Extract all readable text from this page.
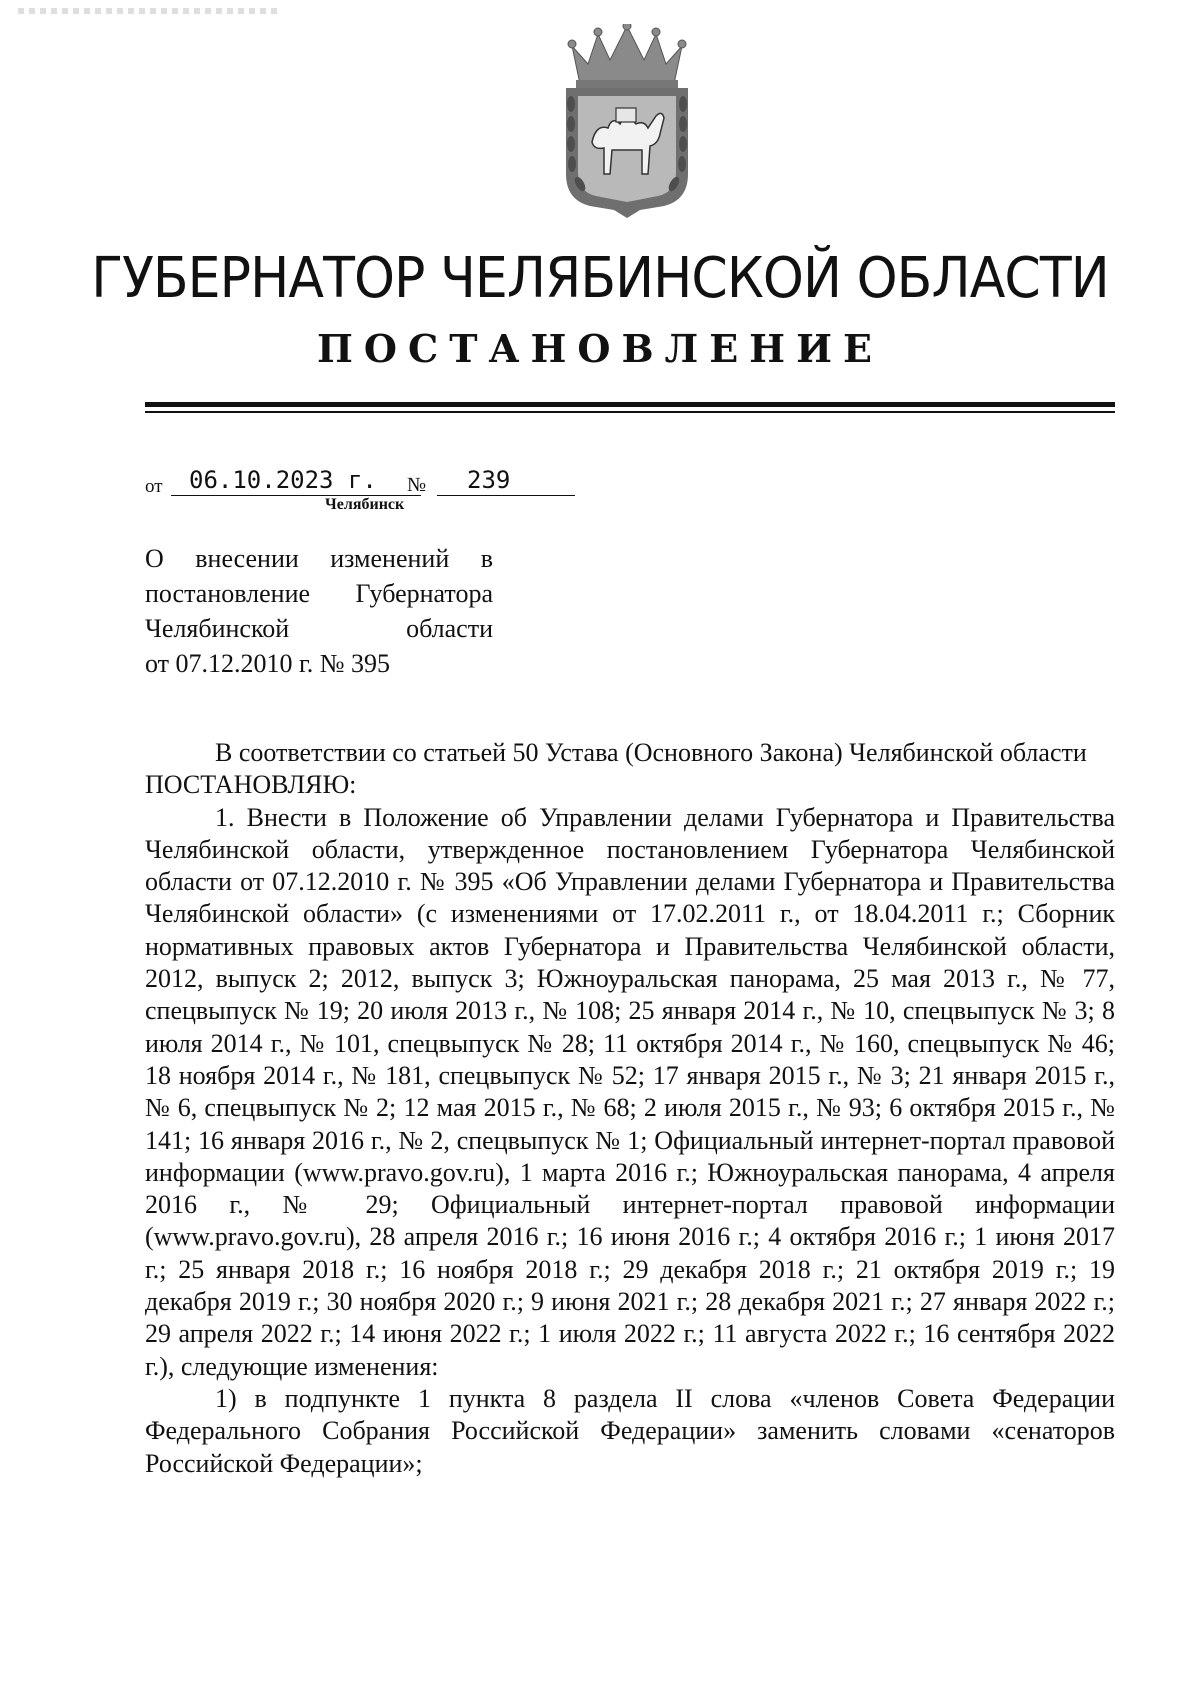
ГУБЕРНАТОР ЧЕЛЯБИНСКОЙ ОБЛАСТИ
ПОСТАНОВЛЕНИЕ
от	06.10.2023 г.	№	239
Челябинск
О внесении изменений в
постановление Губернатора
Челябинской области
от 07.12.2010 г. № 395

В соответствии со статьей 50 Устава (Основного Закона) Челябинской области

ПОСТАНОВЛЯЮ:

1. Внести в Положение об Управлении делами Губернатора и Правительства Челябинской области, утвержденное постановлением Губернатора Челябинской области от 07.12.2010 г. № 395 «Об Управлении делами Губернатора и Правительства Челябинской области» (с изменениями от 17.02.2011 г., от 18.04.2011 г.; Сборник нормативных правовых актов Губернатора и Правительства Челябинской области, 2012, выпуск 2; 2012, выпуск 3; Южноуральская панорама, 25 мая 2013 г., № 77, спецвыпуск № 19; 20 июля 2013 г., № 108; 25 января 2014 г., № 10, спецвыпуск № 3; 8 июля 2014 г., № 101, спецвыпуск № 28; 11 октября 2014 г., № 160, спецвыпуск № 46; 18 ноября 2014 г., № 181, спецвыпуск № 52; 17 января 2015 г., № 3; 21 января 2015 г., № 6, спецвыпуск № 2; 12 мая 2015 г., № 68; 2 июля 2015 г., № 93; 6 октября 2015 г., № 141; 16 января 2016 г., № 2, спецвыпуск № 1; Официальный интернет-портал правовой информации (www.pravo.gov.ru), 1 марта 2016 г.; Южноуральская панорама, 4 апреля 2016 г., № 29; Официальный интернет-портал правовой информации (www.pravo.gov.ru), 28 апреля 2016 г.; 16 июня 2016 г.; 4 октября 2016 г.; 1 июня 2017 г.; 25 января 2018 г.; 16 ноября 2018 г.; 29 декабря 2018 г.; 21 октября 2019 г.; 19 декабря 2019 г.; 30 ноября 2020 г.; 9 июня 2021 г.; 28 декабря 2021 г.; 27 января 2022 г.; 29 апреля 2022 г.; 14 июня 2022 г.; 1 июля 2022 г.; 11 августа 2022 г.; 16 сентября 2022 г.), следующие изменения:

1) в подпункте 1 пункта 8 раздела II слова «членов Совета Федерации Федерального Собрания Российской Федерации» заменить словами «сенаторов Российской Федерации»;
